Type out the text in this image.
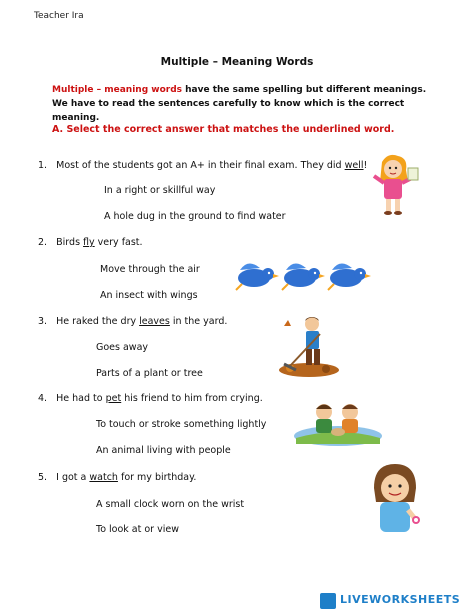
Teacher Ira
Multiple – Meaning Words
Multiple – meaning words have the same spelling but different meanings. We have to read the sentences carefully to know which is the correct meaning.
A. Select the correct answer that matches the underlined word.
1. Most of the students got an A+ in their final exam. They did well!
In a right or skillful way
A hole dug in the ground to find water
2. Birds fly very fast.
Move through the air
An insect with wings
3. He raked the dry leaves in the yard.
Goes away
Parts of a plant or tree
4. He had to pet his friend to him from crying.
To touch or stroke something lightly
An animal living with people
5. I got a watch for my birthday.
A small clock worn on the wrist
To look at or view
LIVEWORKSHEETS
